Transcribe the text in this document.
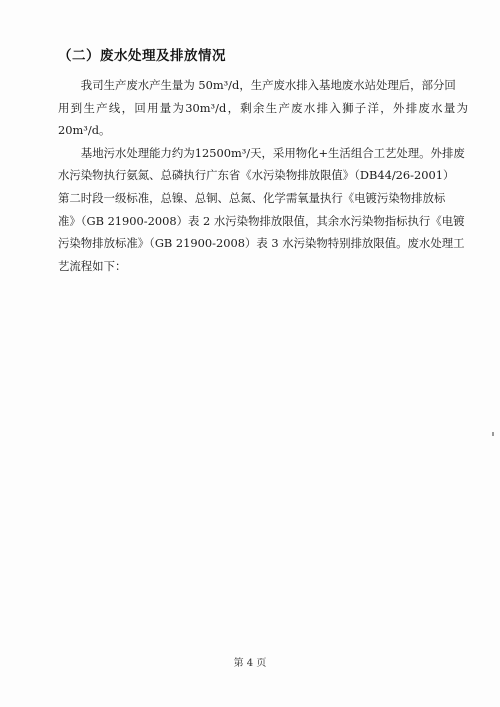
（二）废水处理及排放情况

我司生产废水产生量为 50m³/d，生产废水排入基地废水站处理后，部分回
用到生产线，回用量为30m³/d，剩余生产废水排入狮子洋，外排废水量为20m³/d。

基地污水处理能力约为12500m³/天，采用物化+生活组合工艺处理。外排废
水污染物执行氨氮、总磷执行广东省《水污染物排放限值》（DB44/26-2001）
第二时段一级标准，总镍、总铜、总氮、化学需氧量执行《电镀污染物排放标
准》（GB 21900-2008）表 2 水污染物排放限值，其余水污染物指标执行《电镀
污染物排放标准》（GB 21900-2008）表 3 水污染物特别排放限值。废水处理工
艺流程如下：

第 4 页
